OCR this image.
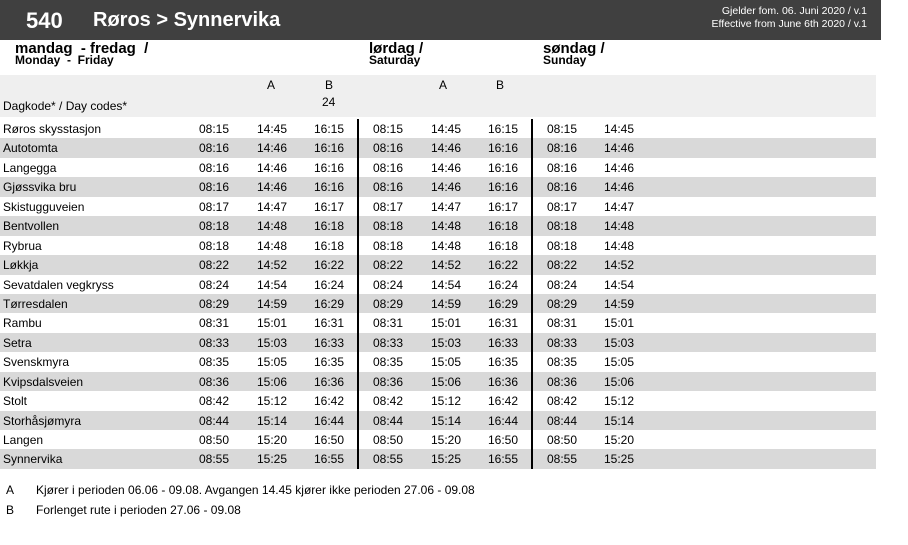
540 Røros > Synnervika	Gjelder fom. 06. Juni 2020 / v.1
Effective from June 6th 2020 / v.1
mandag  - fredag  /
Monday  -  Friday
lørdag /
Saturday
søndag /
Sunday
A	B
24
A	B
Dagkode* / Day codes*
Røros skysstasjon	08:15 14:45 16:15 08:15 14:45 16:15 08:15 14:45
Autotomta	08:16 14:46 16:16 08:16 14:46 16:16 08:16 14:46
Langegga	08:16 14:46 16:16 08:16 14:46 16:16 08:16 14:46
Gjøssvika bru	08:16 14:46 16:16 08:16 14:46 16:16 08:16 14:46
Skistugguveien	08:17 14:47 16:17 08:17 14:47 16:17 08:17 14:47
Bentvollen	08:18 14:48 16:18 08:18 14:48 16:18 08:18 14:48
Rybrua	08:18 14:48 16:18 08:18 14:48 16:18 08:18 14:48
Løkkja	08:22 14:52 16:22 08:22 14:52 16:22 08:22 14:52
Sevatdalen vegkryss	08:24 14:54 16:24 08:24 14:54 16:24 08:24 14:54
Tørresdalen	08:29 14:59 16:29 08:29 14:59 16:29 08:29 14:59
Rambu	08:31 15:01 16:31 08:31 15:01 16:31 08:31 15:01
Setra	08:33 15:03 16:33 08:33 15:03 16:33 08:33 15:03
Svenskmyra	08:35 15:05 16:35 08:35 15:05 16:35 08:35 15:05
Kvipsdalsveien	08:36 15:06 16:36 08:36 15:06 16:36 08:36 15:06
Stolt	08:42 15:12 16:42 08:42 15:12 16:42 08:42 15:12
Storhåsjømyra	08:44 15:14 16:44 08:44 15:14 16:44 08:44 15:14
Langen	08:50 15:20 16:50 08:50 15:20 16:50 08:50 15:20
Synnervika	08:55 15:25 16:55 08:55 15:25 16:55 08:55 15:25
A Kjører i perioden 06.06 - 09.08. Avgangen 14.45 kjører ikke perioden 27.06 - 09.08
B Forlenget rute i perioden 27.06 - 09.08
